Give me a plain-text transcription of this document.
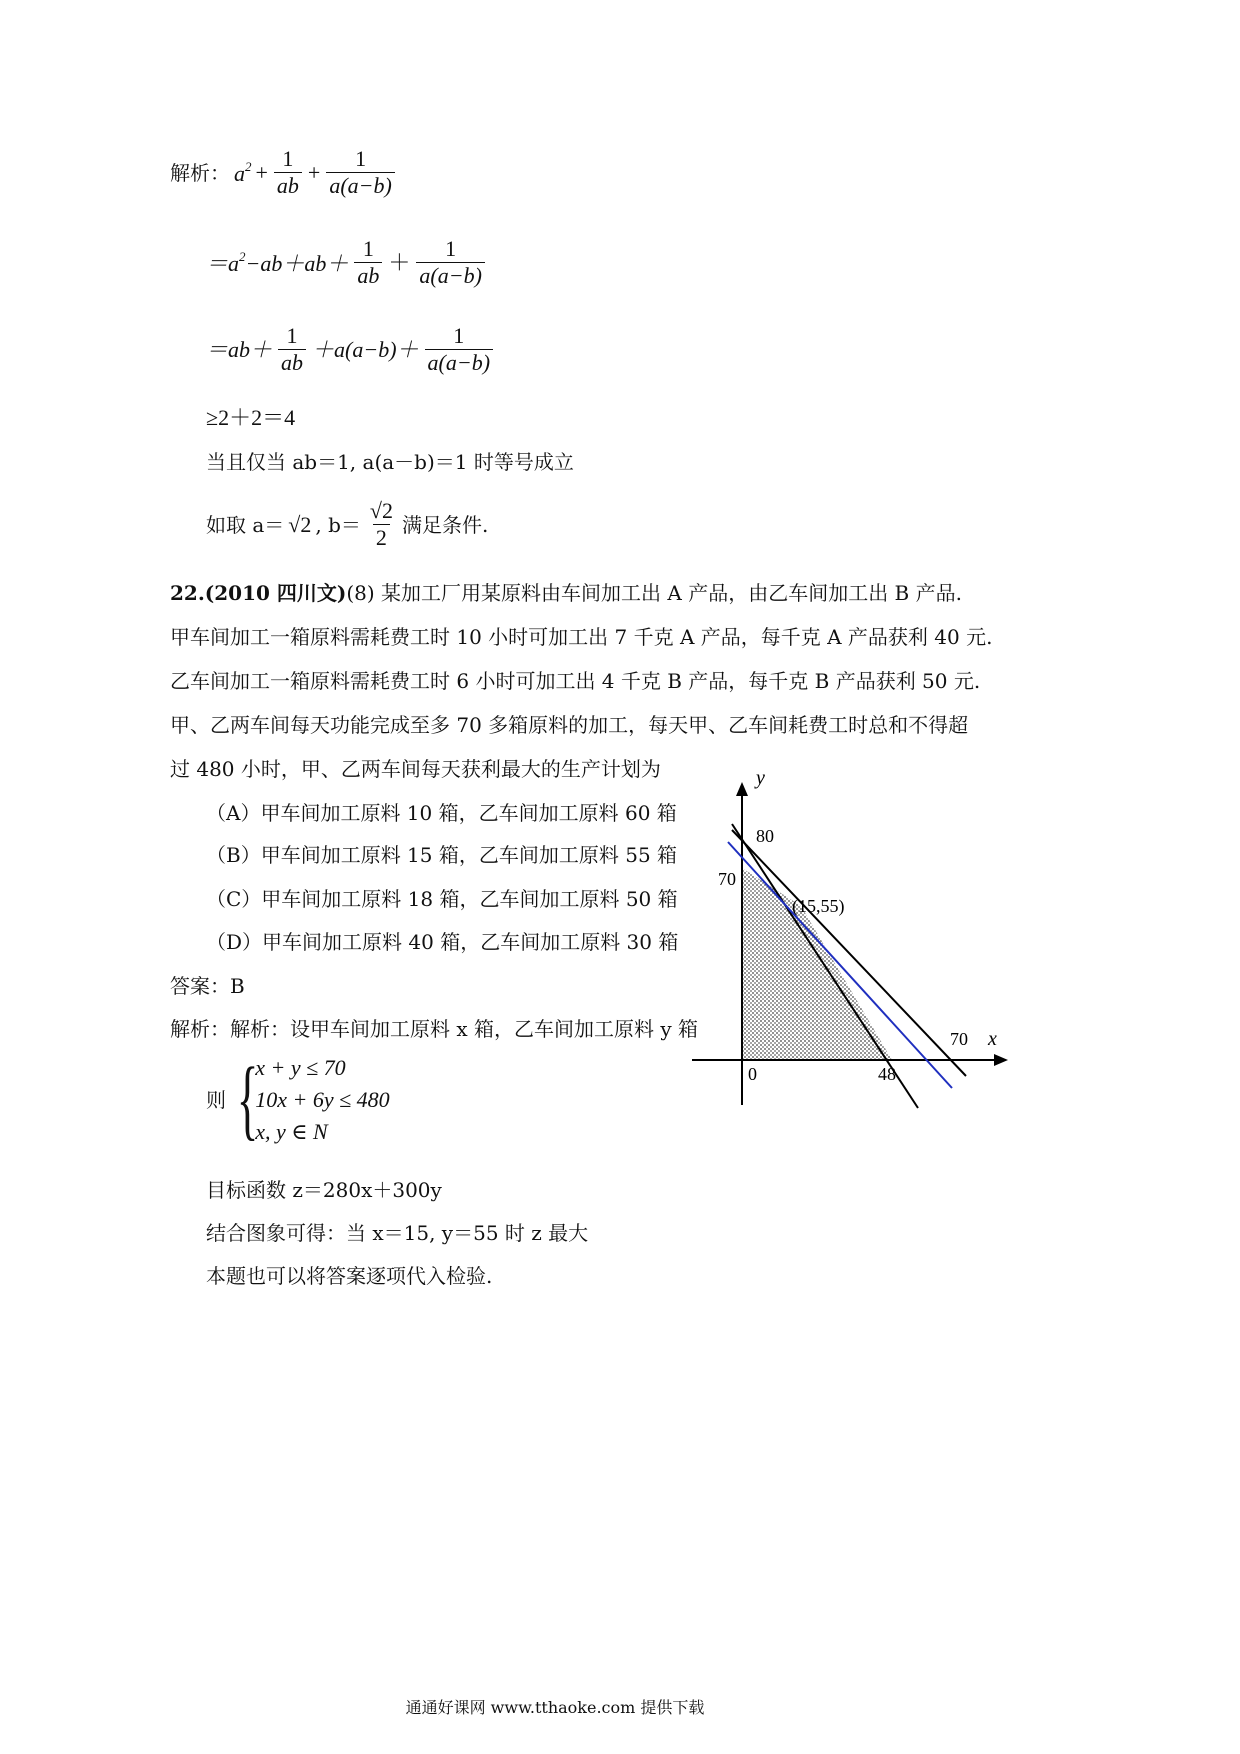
解析： $a^2 + \frac{1}{ab} + \frac{1}{a(a-b)}$
$=a^2-ab+ab+ \frac{1}{ab} + \frac{1}{a(a-b)}$
$=ab+ \frac{1}{ab} +a(a-b)+ \frac{1}{a(a-b)}$
≥2＋2＝4
当且仅当 ab＝1, a(a－b)＝1 时等号成立
如取 a＝ √2 , $b= \frac{√2}{2}$ 满足条件.
22.(2010 四川文)(8) 某加工厂用某原料由车间加工出 A 产品，由乙车间加工出 B 产品.
甲车间加工一箱原料需耗费工时 10 小时可加工出 7 千克 A 产品，每千克 A 产品获利 40 元.
乙车间加工一箱原料需耗费工时 6 小时可加工出 4 千克 B 产品，每千克 B 产品获利 50 元.
甲、乙两车间每天功能完成至多 70 多箱原料的加工，每天甲、乙车间耗费工时总和不得超
过 480 小时，甲、乙两车间每天获利最大的生产计划为
（A）甲车间加工原料 10 箱，乙车间加工原料 60 箱
（B）甲车间加工原料 15 箱，乙车间加工原料 55 箱
（C）甲车间加工原料 18 箱，乙车间加工原料 50 箱
（D）甲车间加工原料 40 箱，乙车间加工原料 30 箱
答案：B
解析：解析：设甲车间加工原料 x 箱，乙车间加工原料 y 箱
则 {
x + y ≤ 70
10x + 6y ≤ 480
x, y ∈ N
目标函数 z＝280x＋300y
结合图象可得：当 x＝15, y＝55 时 z 最大
本题也可以将答案逐项代入检验.
y
x
0
80
70
70
48
(15,55)
通通好课网 www.tthaoke.com 提供下载
